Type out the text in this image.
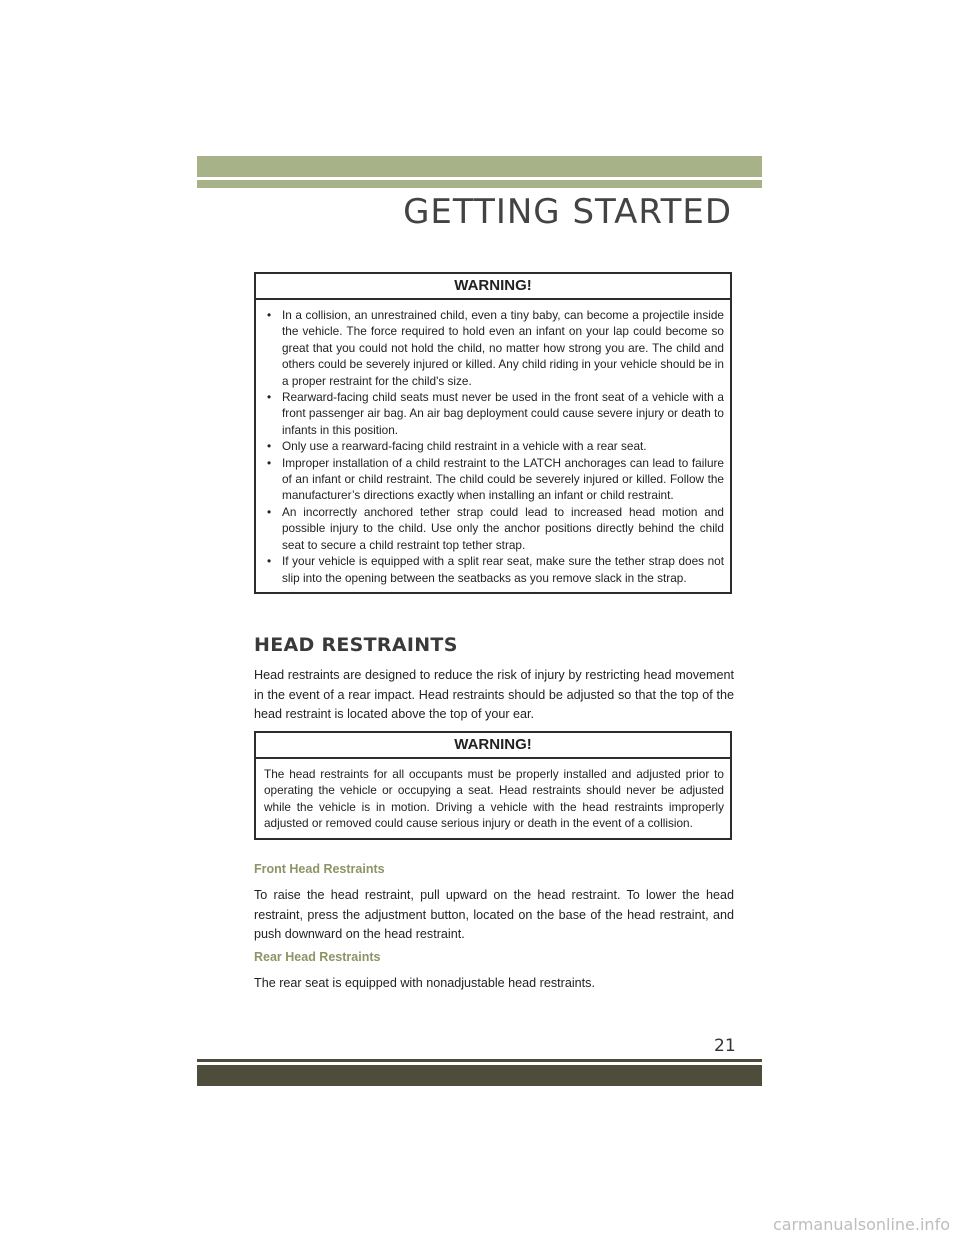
GETTING STARTED
WARNING!
• In a collision, an unrestrained child, even a tiny baby, can become a projectile inside the vehicle. The force required to hold even an infant on your lap could become so great that you could not hold the child, no matter how strong you are. The child and others could be severely injured or killed. Any child riding in your vehicle should be in a proper restraint for the child's size.
• Rearward-facing child seats must never be used in the front seat of a vehicle with a front passenger air bag. An air bag deployment could cause severe injury or death to infants in this position.
• Only use a rearward-facing child restraint in a vehicle with a rear seat.
• Improper installation of a child restraint to the LATCH anchorages can lead to failure of an infant or child restraint. The child could be severely injured or killed. Follow the manufacturer’s directions exactly when installing an infant or child restraint.
• An incorrectly anchored tether strap could lead to increased head motion and possible injury to the child. Use only the anchor positions directly behind the child seat to secure a child restraint top tether strap.
• If your vehicle is equipped with a split rear seat, make sure the tether strap does not slip into the opening between the seatbacks as you remove slack in the strap.
HEAD RESTRAINTS

Head restraints are designed to reduce the risk of injury by restricting head movement in the event of a rear impact. Head restraints should be adjusted so that the top of the head restraint is located above the top of your ear.

WARNING!
The head restraints for all occupants must be properly installed and adjusted prior to operating the vehicle or occupying a seat. Head restraints should never be adjusted while the vehicle is in motion. Driving a vehicle with the head restraints improperly adjusted or removed could cause serious injury or death in the event of a collision.
Front Head Restraints

To raise the head restraint, pull upward on the head restraint. To lower the head restraint, press the adjustment button, located on the base of the head restraint, and push downward on the head restraint.

Rear Head Restraints

The rear seat is equipped with nonadjustable head restraints.

21
carmanualsonline.info
